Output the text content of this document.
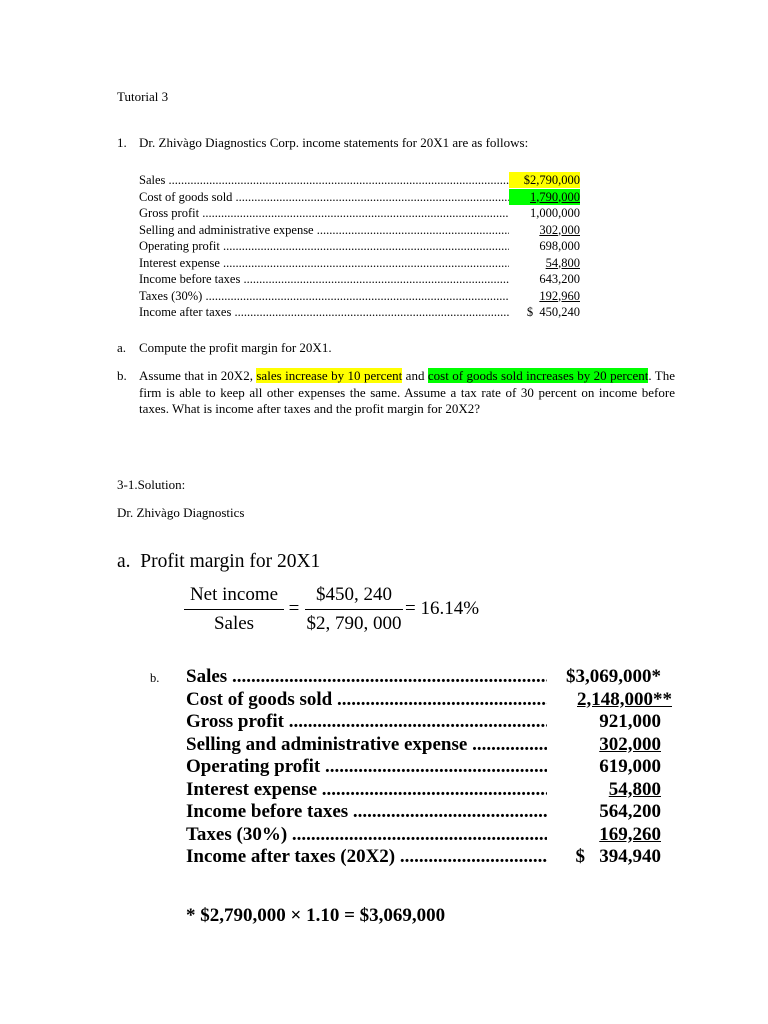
Tutorial 3
1. Dr. Zhivàgo Diagnostics Corp. income statements for 20X1 are as follows:
Sales .....	$2,790,000
Cost of goods sold .....	1,790,000
Gross profit .....	1,000,000
Selling and administrative expense .....	302,000
Operating profit .....	698,000
Interest expense .....	54,800
Income before taxes .....	643,200
Taxes (30%) .....	192,960
Income after taxes .....	$  450,240
a. Compute the profit margin for 20X1.
b. Assume that in 20X2, sales increase by 10 percent and cost of goods sold increases by 20 percent. The firm is able to keep all other expenses the same. Assume a tax rate of 30 percent on income before taxes. What is income after taxes and the profit margin for 20X2?
3-1.Solution:
Dr. Zhivàgo Diagnostics
a.  Profit margin for 20X1
Net income
Sales
=
$450, 240
$2, 790, 000
= 16.14%
b. Sales .....	$3,069,000*
Cost of goods sold .....	2,148,000**
Gross profit .....	921,000
Selling and administrative expense .....	302,000
Operating profit .....	619,000
Interest expense .....	54,800
Income before taxes .....	564,200
Taxes (30%) .....	169,260
Income after taxes (20X2) .....	$   394,940
* $2,790,000 × 1.10 = $3,069,000
